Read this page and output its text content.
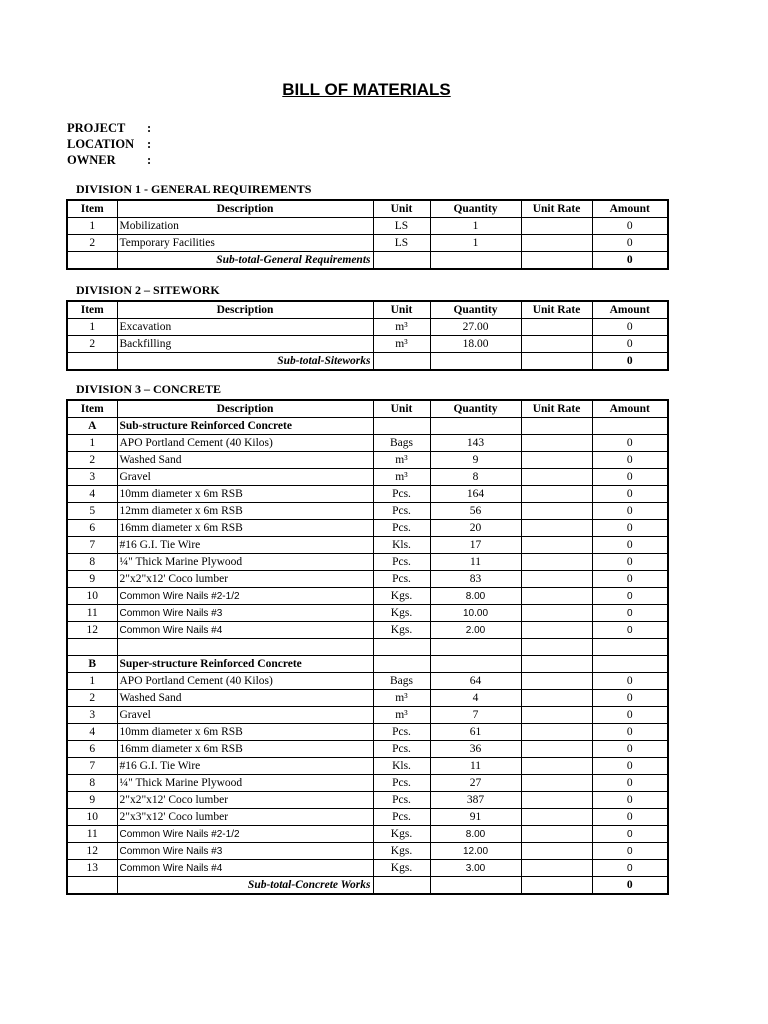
BILL OF MATERIALS
PROJECT	:
LOCATION	:
OWNER	:
DIVISION 1 - GENERAL REQUIREMENTS
Item	Description	Unit	Quantity	Unit Rate	Amount
1	Mobilization	LS	1		0
2	Temporary Facilities	LS	1		0
	Sub-total-General Requirements				0
DIVISION 2 – SITEWORK
Item	Description	Unit	Quantity	Unit Rate	Amount
1	Excavation	m³	27.00		0
2	Backfilling	m³	18.00		0
	Sub-total-Siteworks				0
DIVISION 3 – CONCRETE
Item	Description	Unit	Quantity	Unit Rate	Amount
A	Sub-structure Reinforced Concrete				
1	APO Portland Cement (40 Kilos)	Bags	143		0
2	Washed Sand	m³	9		0
3	Gravel	m³	8		0
4	10mm diameter x 6m RSB	Pcs.	164		0
5	12mm diameter x 6m RSB	Pcs.	56		0
6	16mm diameter x 6m RSB	Pcs.	20		0
7	#16 G.I. Tie Wire	Kls.	17		0
8	¼" Thick Marine Plywood	Pcs.	11		0
9	2"x2"x12' Coco lumber	Pcs.	83		0
10	Common Wire Nails #2-1/2	Kgs.	8.00		0
11	Common Wire Nails #3	Kgs.	10.00		0
12	Common Wire Nails #4	Kgs.	2.00		0

B	Super-structure Reinforced Concrete				
1	APO Portland Cement (40 Kilos)	Bags	64		0
2	Washed Sand	m³	4		0
3	Gravel	m³	7		0
4	10mm diameter x 6m RSB	Pcs.	61		0
6	16mm diameter x 6m RSB	Pcs.	36		0
7	#16 G.I. Tie Wire	Kls.	11		0
8	¼" Thick Marine Plywood	Pcs.	27		0
9	2"x2"x12' Coco lumber	Pcs.	387		0
10	2"x3"x12' Coco lumber	Pcs.	91		0
11	Common Wire Nails #2-1/2	Kgs.	8.00		0
12	Common Wire Nails #3	Kgs.	12.00		0
13	Common Wire Nails #4	Kgs.	3.00		0
	Sub-total-Concrete Works				0
